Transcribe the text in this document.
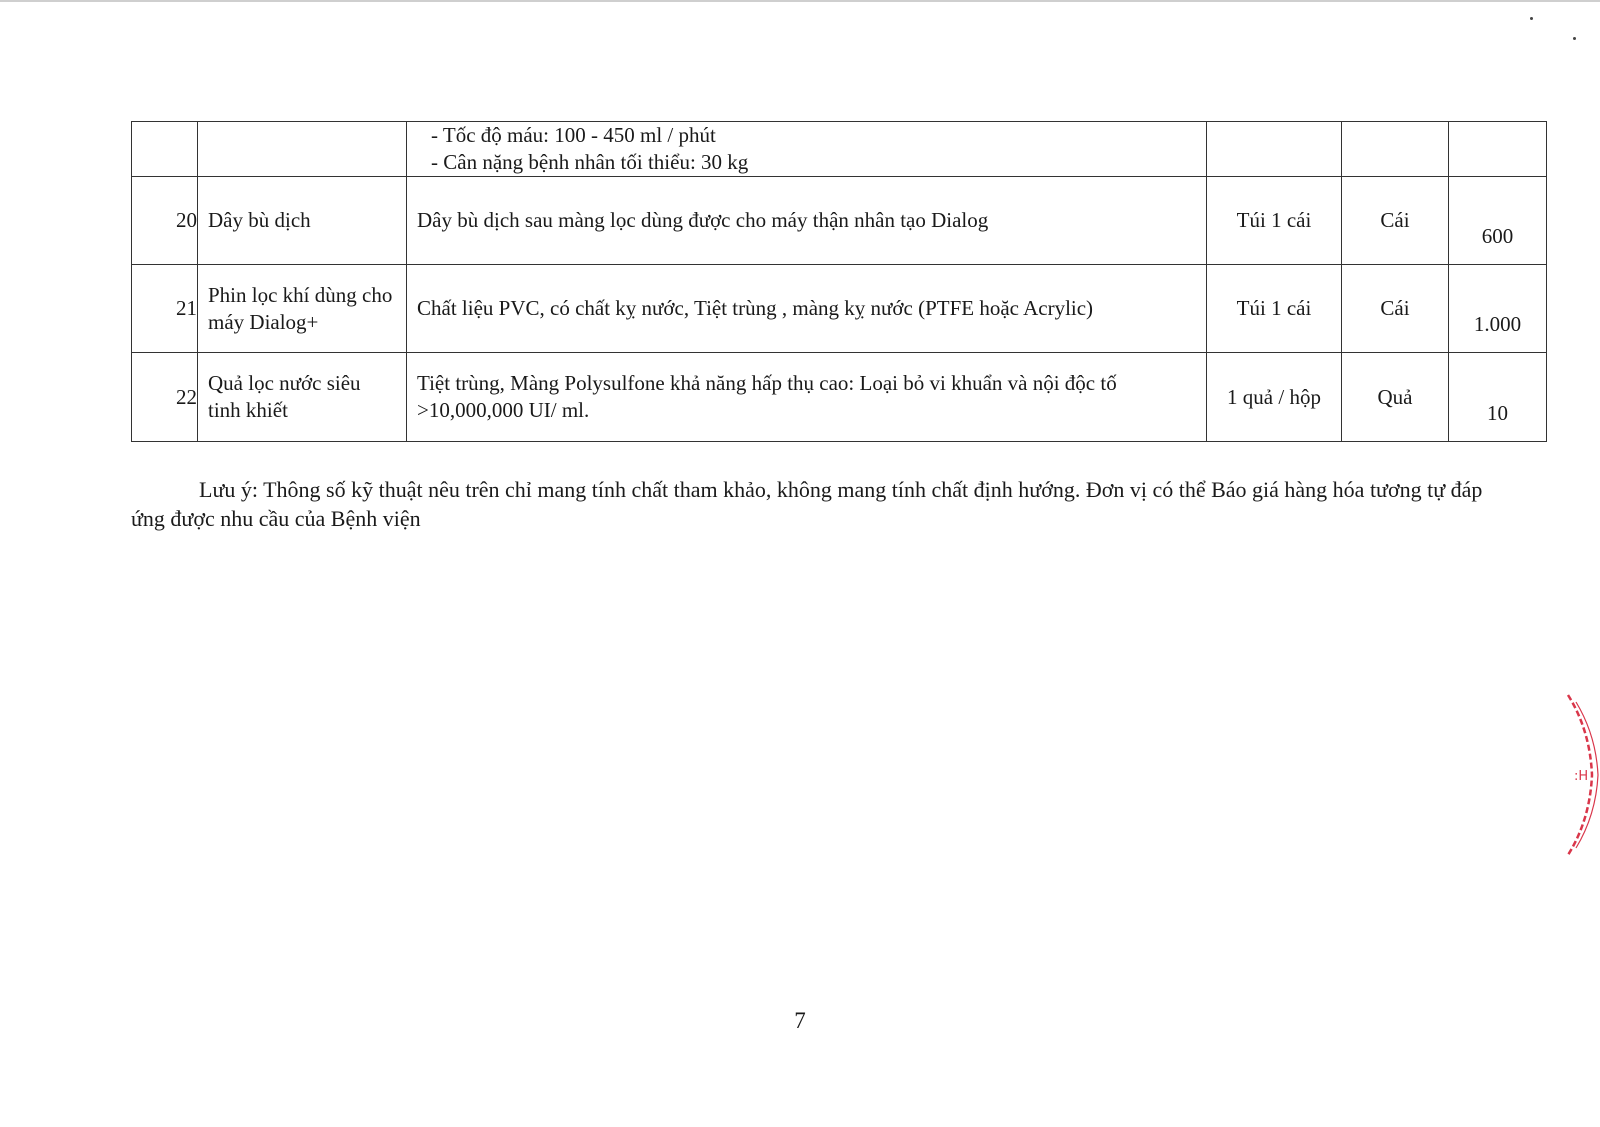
		- Tốc độ máu: 100 - 450 ml / phút
- Cân nặng bệnh nhân tối thiểu: 30 kg			

20	Dây bù dịch	Dây bù dịch sau màng lọc dùng được cho máy thận nhân tạo Dialog	Túi 1 cái	Cái	600
21	Phin lọc khí dùng cho máy Dialog+	Chất liệu PVC, có chất kỵ nước, Tiệt trùng , màng kỵ nước (PTFE hoặc Acrylic)	Túi 1 cái	Cái	1.000
22	Quả lọc nước siêu tinh khiết	Tiệt trùng, Màng Polysulfone khả năng hấp thụ cao: Loại bỏ vi khuẩn và nội độc tố >10,000,000 UI/ ml.	1 quả / hộp	Quả	10
Lưu ý: Thông số kỹ thuật nêu trên chỉ mang tính chất tham khảo, không mang tính chất định hướng. Đơn vị có thể Báo giá hàng hóa tương tự đáp ứng được nhu cầu của Bệnh viện
7
:H
